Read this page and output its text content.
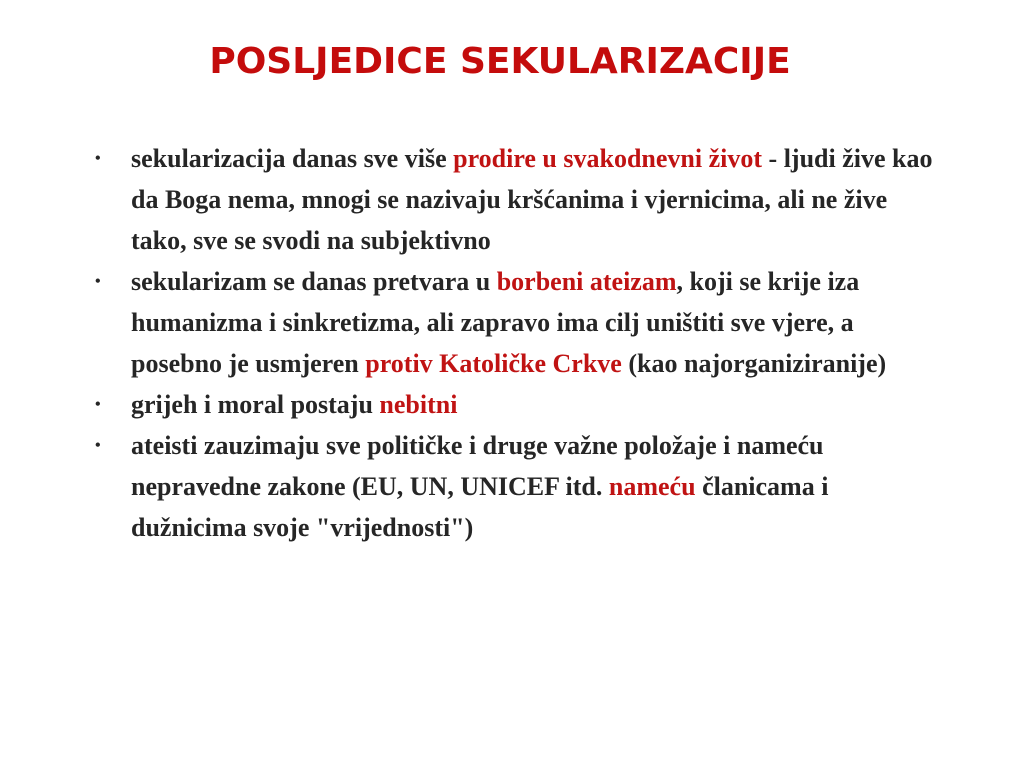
POSLJEDICE SEKULARIZACIJE
• sekularizacija danas sve više prodire u svakodnevni život - ljudi žive kao da Boga nema, mnogi se nazivaju kršćanima i vjernicima, ali ne žive tako, sve se svodi na subjektivno
• sekularizam se danas pretvara u borbeni ateizam, koji se krije iza humanizma i sinkretizma, ali zapravo ima cilj uništiti sve vjere, a posebno je usmjeren protiv Katoličke Crkve (kao najorganiziranije)
• grijeh i moral postaju nebitni
• ateisti zauzimaju sve političke i druge važne položaje i nameću nepravedne zakone (EU, UN, UNICEF itd. nameću članicama i dužnicima svoje "vrijednosti")
